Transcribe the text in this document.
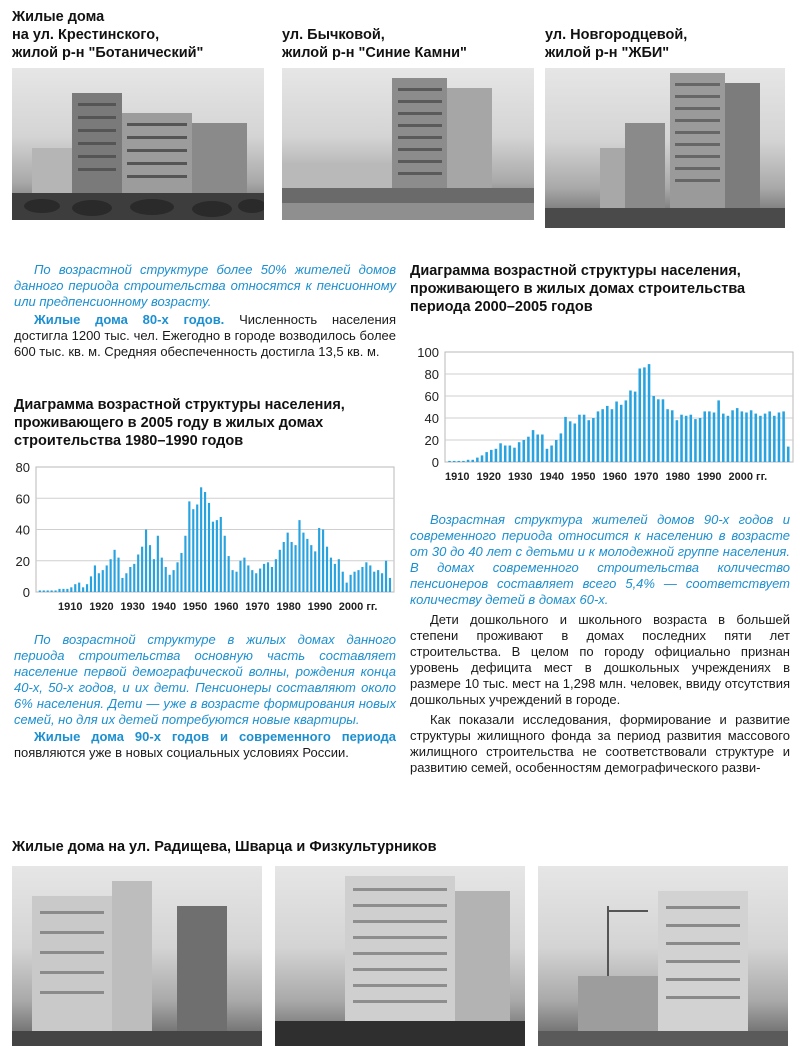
Жилые дома
на ул. Крестинского,
жилой р-н "Ботанический"
ул. Бычковой,
жилой р-н "Синие Камни"
ул. Новгородцевой,
жилой р-н "ЖБИ"
По возрастной структуре более 50% жителей домов данного периода строительства относятся к пенсионному или предпенсионному возрасту.
Жилые дома 80-х годов. Численность населения достигла 1200 тыс. чел. Ежегодно в городе возводилось более 600 тыс. кв. м. Средняя обеспеченность достигла 13,5 кв. м.
Диаграмма возрастной структуры населения, проживающего в 2005 году в жилых домах строительства 1980–1990 годов
0
20
40
60
80
1910 1920 1930 1940 1950 1960 1970 1980 1990 2000 гг.
По возрастной структуре в жилых домах данного периода строительства основную часть составляет население первой демографической волны, рождения конца 40-х, 50-х годов, и их дети. Пенсионеры составляют около 6% населения. Дети — уже в возрасте формирования новых семей, но для их детей потребуются новые квартиры.
Жилые дома 90-х годов и современного периода появляются уже в новых социальных условиях России.
Диаграмма возрастной структуры населения, проживающего в жилых домах строительства периода 2000–2005 годов
0
20
40
60
80
100
1910 1920 1930 1940 1950 1960 1970 1980 1990 2000 гг.
Возрастная структура жителей домов 90-х годов и современного периода относится к населению в возрасте от 30 до 40 лет с детьми и к молодежной группе населения. В домах современного строительства количество пенсионеров составляет всего 5,4% — соответствует количеству детей в домах 60-х.
Дети дошкольного и школьного возраста в большей степени проживают в домах последних пяти лет строительства. В целом по городу официально признан уровень дефицита мест в дошкольных учреждениях в размере 10 тыс. мест на 1,298 млн. человек, ввиду отсутствия дошкольных учреждений в городе.
Как показали исследования, формирование и развитие структуры жилищного фонда за период развития массового жилищного строительства не соответствовали структуре и развитию семей, особенностям демографического разви-
Жилые дома на ул. Радищева, Шварца и Физкультурников
